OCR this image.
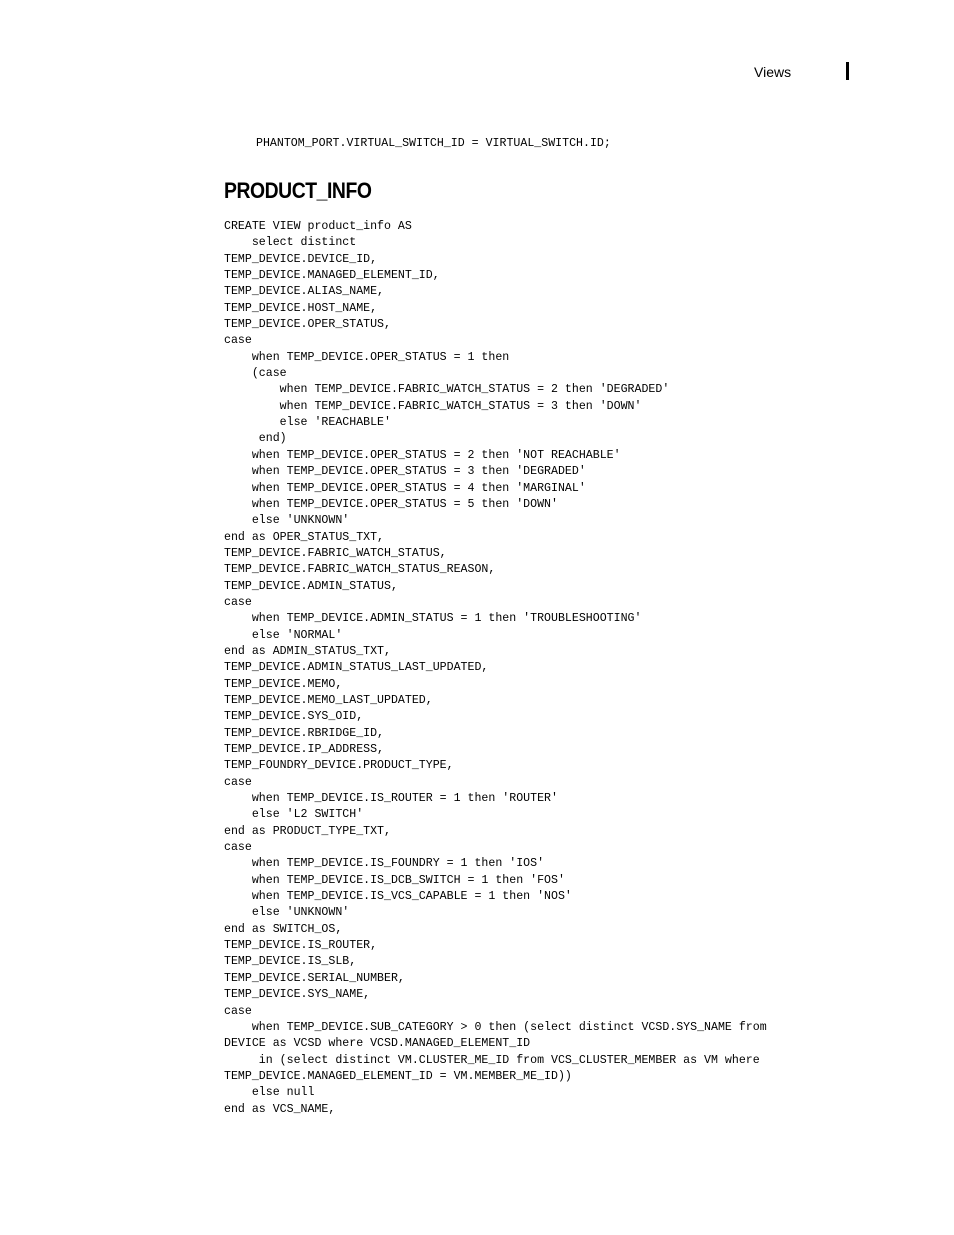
Views
PHANTOM_PORT.VIRTUAL_SWITCH_ID = VIRTUAL_SWITCH.ID;
PRODUCT_INFO
CREATE VIEW product_info AS
select distinct
TEMP_DEVICE.DEVICE_ID,
TEMP_DEVICE.MANAGED_ELEMENT_ID,
TEMP_DEVICE.ALIAS_NAME,
TEMP_DEVICE.HOST_NAME,
TEMP_DEVICE.OPER_STATUS,
case
when TEMP_DEVICE.OPER_STATUS = 1 then
(case
when TEMP_DEVICE.FABRIC_WATCH_STATUS = 2 then 'DEGRADED'
when TEMP_DEVICE.FABRIC_WATCH_STATUS = 3 then 'DOWN'
else 'REACHABLE'
end)
when TEMP_DEVICE.OPER_STATUS = 2 then 'NOT REACHABLE'
when TEMP_DEVICE.OPER_STATUS = 3 then 'DEGRADED'
when TEMP_DEVICE.OPER_STATUS = 4 then 'MARGINAL'
when TEMP_DEVICE.OPER_STATUS = 5 then 'DOWN'
else 'UNKNOWN'
end as OPER_STATUS_TXT,
TEMP_DEVICE.FABRIC_WATCH_STATUS,
TEMP_DEVICE.FABRIC_WATCH_STATUS_REASON,
TEMP_DEVICE.ADMIN_STATUS,
case
when TEMP_DEVICE.ADMIN_STATUS = 1 then 'TROUBLESHOOTING'
else 'NORMAL'
end as ADMIN_STATUS_TXT,
TEMP_DEVICE.ADMIN_STATUS_LAST_UPDATED,
TEMP_DEVICE.MEMO,
TEMP_DEVICE.MEMO_LAST_UPDATED,
TEMP_DEVICE.SYS_OID,
TEMP_DEVICE.RBRIDGE_ID,
TEMP_DEVICE.IP_ADDRESS,
TEMP_FOUNDRY_DEVICE.PRODUCT_TYPE,
case
when TEMP_DEVICE.IS_ROUTER = 1 then 'ROUTER'
else 'L2 SWITCH'
end as PRODUCT_TYPE_TXT,
case
when TEMP_DEVICE.IS_FOUNDRY = 1 then 'IOS'
when TEMP_DEVICE.IS_DCB_SWITCH = 1 then 'FOS'
when TEMP_DEVICE.IS_VCS_CAPABLE = 1 then 'NOS'
else 'UNKNOWN'
end as SWITCH_OS,
TEMP_DEVICE.IS_ROUTER,
TEMP_DEVICE.IS_SLB,
TEMP_DEVICE.SERIAL_NUMBER,
TEMP_DEVICE.SYS_NAME,
case
when TEMP_DEVICE.SUB_CATEGORY > 0 then (select distinct VCSD.SYS_NAME from
DEVICE as VCSD where VCSD.MANAGED_ELEMENT_ID
in (select distinct VM.CLUSTER_ME_ID from VCS_CLUSTER_MEMBER as VM where
TEMP_DEVICE.MANAGED_ELEMENT_ID = VM.MEMBER_ME_ID))
else null
end as VCS_NAME,
